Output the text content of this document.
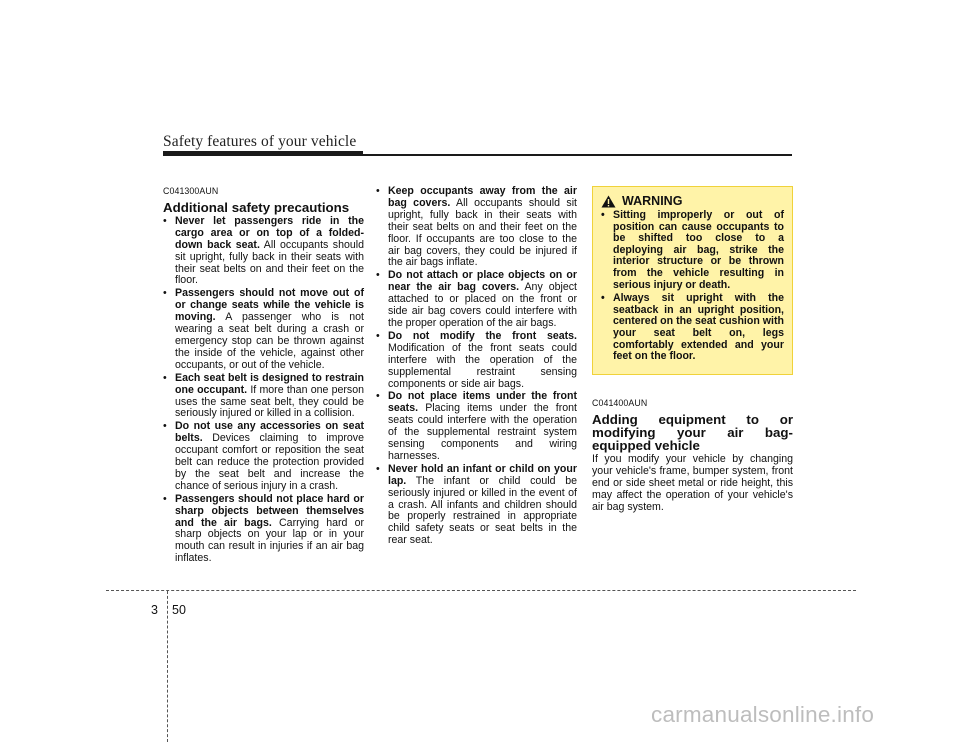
Safety features of your vehicle
C041300AUN
Additional safety precautions
• Never let passengers ride in the cargo area or on top of a folded-down back seat. All occupants should sit upright, fully back in their seats with their seat belts on and their feet on the floor.
• Passengers should not move out of or change seats while the vehicle is moving. A passenger who is not wearing a seat belt during a crash or emergency stop can be thrown against the inside of the vehicle, against other occupants, or out of the vehicle.
• Each seat belt is designed to restrain one occupant. If more than one person uses the same seat belt, they could be seriously injured or killed in a collision.
• Do not use any accessories on seat belts. Devices claiming to improve occupant comfort or reposition the seat belt can reduce the protection provided by the seat belt and increase the chance of serious injury in a crash.
• Passengers should not place hard or sharp objects between themselves and the air bags. Carrying hard or sharp objects on your lap or in your mouth can result in injuries if an air bag inflates.
• Keep occupants away from the air bag covers. All occupants should sit upright, fully back in their seats with their seat belts on and their feet on the floor. If occupants are too close to the air bag covers, they could be injured if the air bags inflate.
• Do not attach or place objects on or near the air bag covers. Any object attached to or placed on the front or side air bag covers could interfere with the proper operation of the air bags.
• Do not modify the front seats. Modification of the front seats could interfere with the operation of the supplemental restraint sensing components or side air bags.
• Do not place items under the front seats. Placing items under the front seats could interfere with the operation of the supplemental restraint system sensing components and wiring harnesses.
• Never hold an infant or child on your lap. The infant or child could be seriously injured or killed in the event of a crash. All infants and children should be properly restrained in appropriate child safety seats or seat belts in the rear seat.
WARNING
• Sitting improperly or out of position can cause occupants to be shifted too close to a deploying air bag, strike the interior structure or be thrown from the vehicle resulting in serious injury or death.
• Always sit upright with the seatback in an upright position, centered on the seat cushion with your seat belt on, legs comfortably extended and your feet on the floor.
C041400AUN
Adding equipment to or modifying your air bag-equipped vehicle
If you modify your vehicle by changing your vehicle's frame, bumper system, front end or side sheet metal or ride height, this may affect the operation of your vehicle's air bag system.
3 50
carmanualsonline.info
